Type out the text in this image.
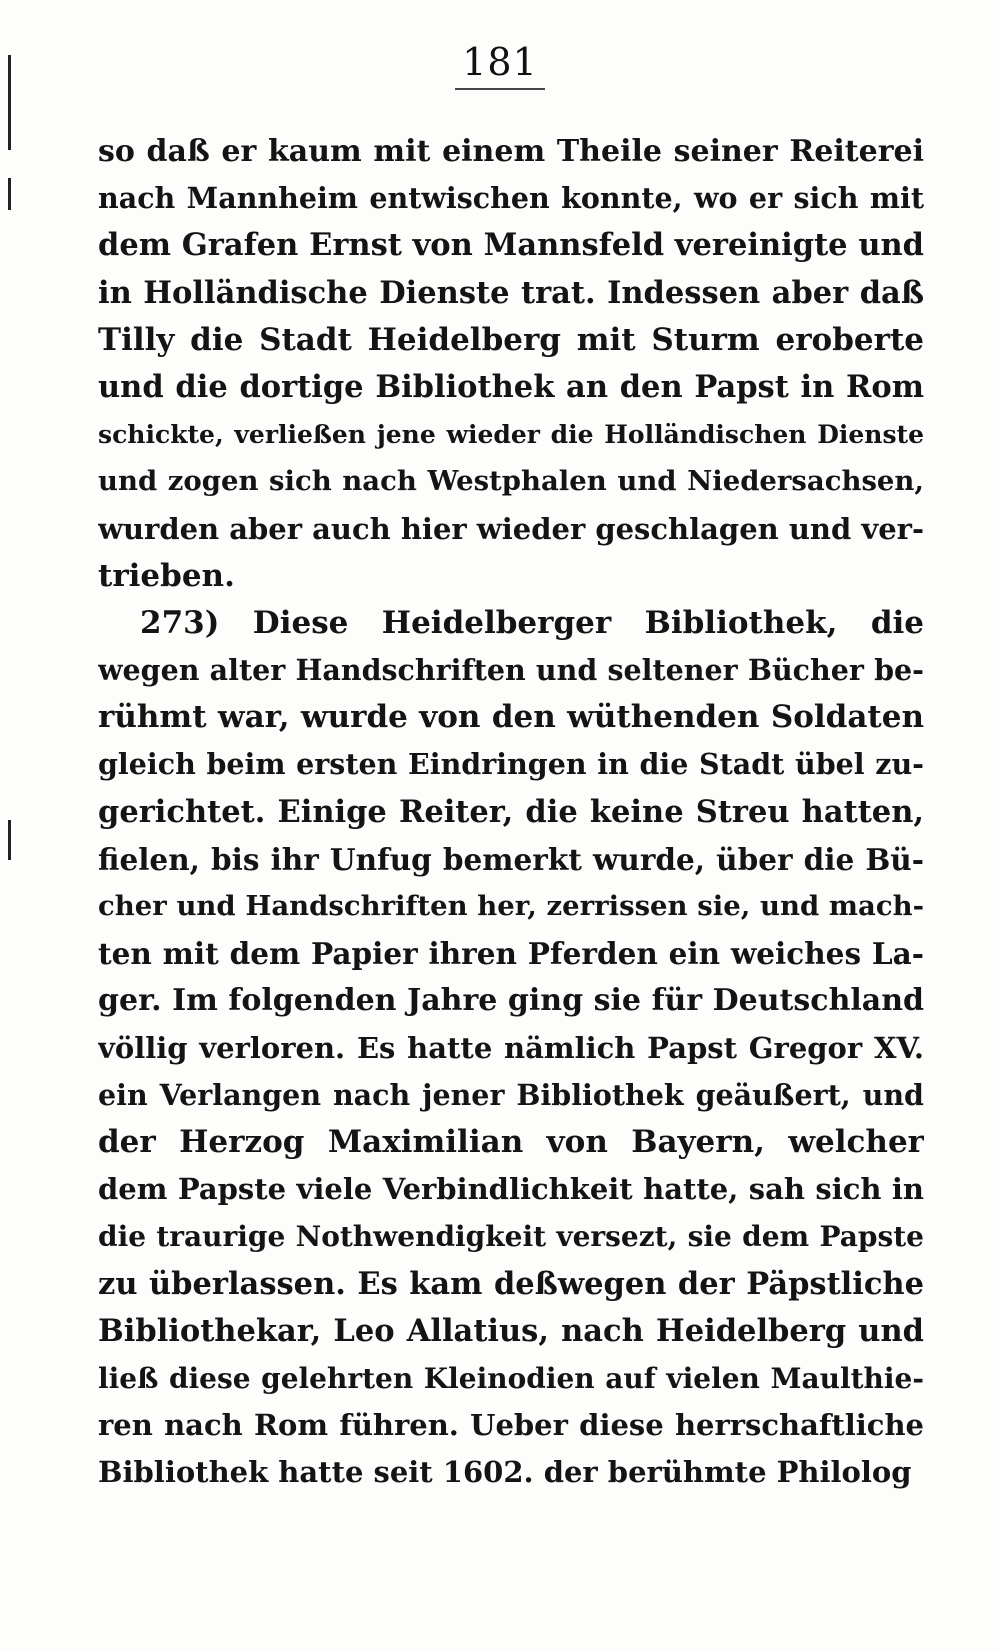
181
so daß er kaum mit einem Theile seiner Reiterei
nach Mannheim entwischen konnte, wo er sich mit
dem Grafen Ernst von Mannsfeld vereinigte und
in Holländische Dienste trat. Indessen aber daß
Tilly die Stadt Heidelberg mit Sturm eroberte
und die dortige Bibliothek an den Papst in Rom
schickte, verließen jene wieder die Holländischen Dienste
und zogen sich nach Westphalen und Niedersachsen,
wurden aber auch hier wieder geschlagen und ver-
trieben.
273) Diese Heidelberger Bibliothek, die
wegen alter Handschriften und seltener Bücher be-
rühmt war, wurde von den wüthenden Soldaten
gleich beim ersten Eindringen in die Stadt übel zu-
gerichtet. Einige Reiter, die keine Streu hatten,
fielen, bis ihr Unfug bemerkt wurde, über die Bü-
cher und Handschriften her, zerrissen sie, und mach-
ten mit dem Papier ihren Pferden ein weiches La-
ger. Im folgenden Jahre ging sie für Deutschland
völlig verloren. Es hatte nämlich Papst Gregor XV.
ein Verlangen nach jener Bibliothek geäußert, und
der Herzog Maximilian von Bayern, welcher
dem Papste viele Verbindlichkeit hatte, sah sich in
die traurige Nothwendigkeit versezt, sie dem Papste
zu überlassen. Es kam deßwegen der Päpstliche
Bibliothekar, Leo Allatius, nach Heidelberg und
ließ diese gelehrten Kleinodien auf vielen Maulthie-
ren nach Rom führen. Ueber diese herrschaftliche
Bibliothek hatte seit 1602. der berühmte Philolog
